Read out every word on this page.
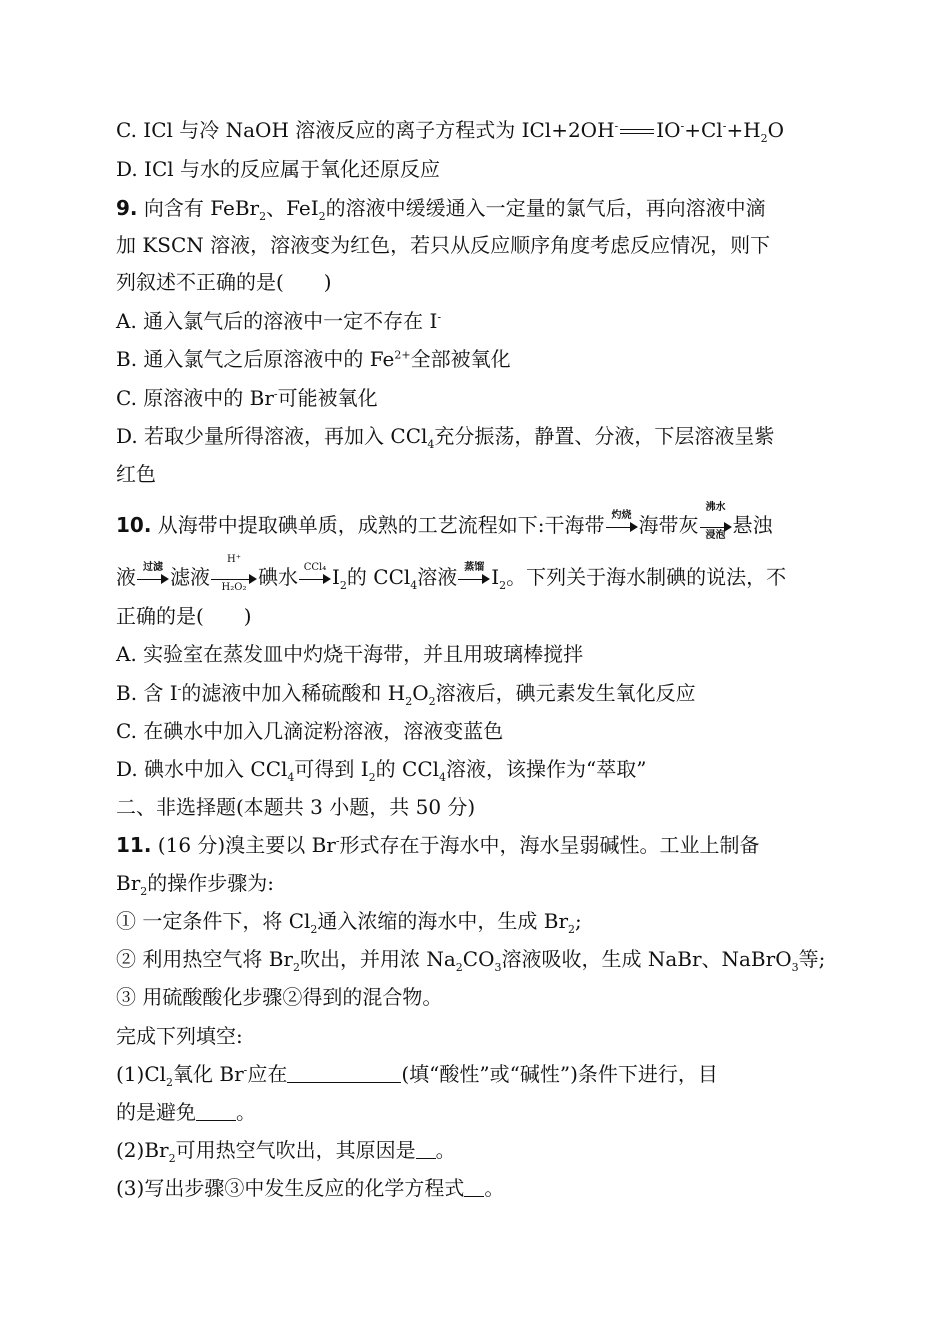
C. ICl 与冷 NaOH 溶液反应的离子方程式为 ICl+2OH- $IO^-+Cl^-+H_2O$
D. ICl 与水的反应属于氧化还原反应
9. 向含有 FeBr$_2$、FeI$_2$的溶液中缓缓通入一定量的氯气后，再向溶液中滴
加 KSCN 溶液，溶液变为红色，若只从反应顺序角度考虑反应情况，则下
列叙述不正确的是(　　)
A. 通入氯气后的溶液中一定不存在 I-
B. 通入氯气之后原溶液中的 $Fe^{2+}$全部被氧化
C. 原溶液中的 Br-可能被氧化
D. 若取少量所得溶液，再加入 CCl$_4$充分振荡，静置、分液，下层溶液呈紫
红色
10. 从海带中提取碘单质，成熟的工艺流程如下:干海带 灼烧 海带灰
沸水
浸泡 悬浊
液 过滤 滤液 $\frac{H^+}{\text{H₂O₂}}$ 碘水 CCl₄ $I_2$的 CCl$_4$溶液 蒸馏 $I_2$。下列关于海水制碘的说法，不
正确的是(　　)
A. 实验室在蒸发皿中灼烧干海带，并且用玻璃棒搅拌
B. 含 I-的滤液中加入稀硫酸和 $H_2O_2$溶液后，碘元素发生氧化反应
C. 在碘水中加入几滴淀粉溶液，溶液变蓝色
D. 碘水中加入 CCl$_4$可得到 $I_2$的 CCl$_4$溶液，该操作为“萃取”
二、非选择题(本题共 3 小题，共 50 分)
11. (16 分)溴主要以 Br-形式存在于海水中，海水呈弱碱性。工业上制备
$Br_2$的操作步骤为:
① 一定条件下，将 $Cl_2$通入浓缩的海水中，生成 $Br_2$;
② 利用热空气将 $Br_2$吹出，并用浓 $Na_2CO_3$溶液吸收，生成 NaBr、NaBrO$_3$等;
③ 用硫酸酸化步骤②得到的混合物。
完成下列填空:
$(1)Cl_2$氧化 Br-应在	(填“酸性”或“碱性”)条件下进行，目
的是避免 。
$(2)Br_2$可用热空气吹出，其原因是 。
(3)写出步骤③中发生反应的化学方程式 。
